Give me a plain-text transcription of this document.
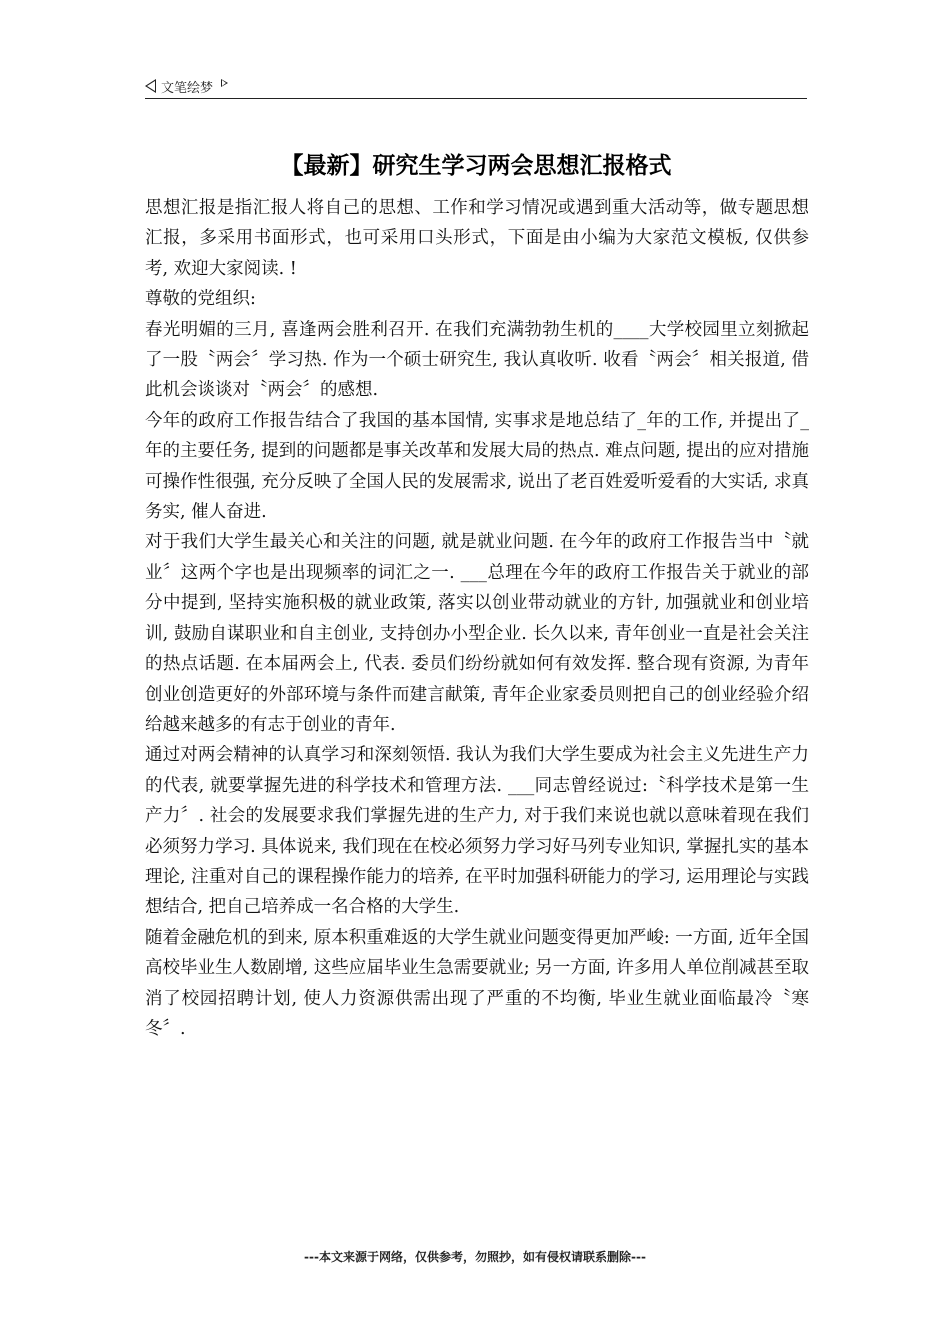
文笔绘梦
【最新】研究生学习两会思想汇报格式

思想汇报是指汇报人将自己的思想、工作和学习情况或遇到重大活动等，做专题思想汇报，多采用书面形式，也可采用口头形式，下面是由小编为大家范文模板, 仅供参考, 欢迎大家阅读. !

尊敬的党组织:

春光明媚的三月, 喜逢两会胜利召开. 在我们充满勃勃生机的____大学校园里立刻掀起了一股〝两会〞学习热. 作为一个硕士研究生, 我认真收听. 收看〝两会〞相关报道, 借此机会谈谈对〝两会〞的感想.

今年的政府工作报告结合了我国的基本国情, 实事求是地总结了_年的工作, 并提出了_年的主要任务, 提到的问题都是事关改革和发展大局的热点. 难点问题, 提出的应对措施可操作性很强, 充分反映了全国人民的发展需求, 说出了老百姓爱听爱看的大实话, 求真务实, 催人奋进.

对于我们大学生最关心和关注的问题, 就是就业问题. 在今年的政府工作报告当中〝就业〞这两个字也是出现频率的词汇之一. ___总理在今年的政府工作报告关于就业的部分中提到, 坚持实施积极的就业政策, 落实以创业带动就业的方针, 加强就业和创业培训, 鼓励自谋职业和自主创业, 支持创办小型企业. 长久以来, 青年创业一直是社会关注的热点话题. 在本届两会上, 代表. 委员们纷纷就如何有效发挥. 整合现有资源, 为青年创业创造更好的外部环境与条件而建言献策, 青年企业家委员则把自己的创业经验介绍给越来越多的有志于创业的青年.

通过对两会精神的认真学习和深刻领悟. 我认为我们大学生要成为社会主义先进生产力的代表, 就要掌握先进的科学技术和管理方法. ___同志曾经说过:〝科学技术是第一生产力〞. 社会的发展要求我们掌握先进的生产力, 对于我们来说也就以意味着现在我们必须努力学习. 具体说来, 我们现在在校必须努力学习好马列专业知识, 掌握扎实的基本理论, 注重对自己的课程操作能力的培养, 在平时加强科研能力的学习, 运用理论与实践想结合, 把自己培养成一名合格的大学生.

随着金融危机的到来, 原本积重难返的大学生就业问题变得更加严峻: 一方面, 近年全国高校毕业生人数剧增, 这些应届毕业生急需要就业; 另一方面, 许多用人单位削减甚至取消了校园招聘计划, 使人力资源供需出现了严重的不均衡, 毕业生就业面临最冷〝寒冬〞.

---本文来源于网络，仅供参考，勿照抄，如有侵权请联系删除---
